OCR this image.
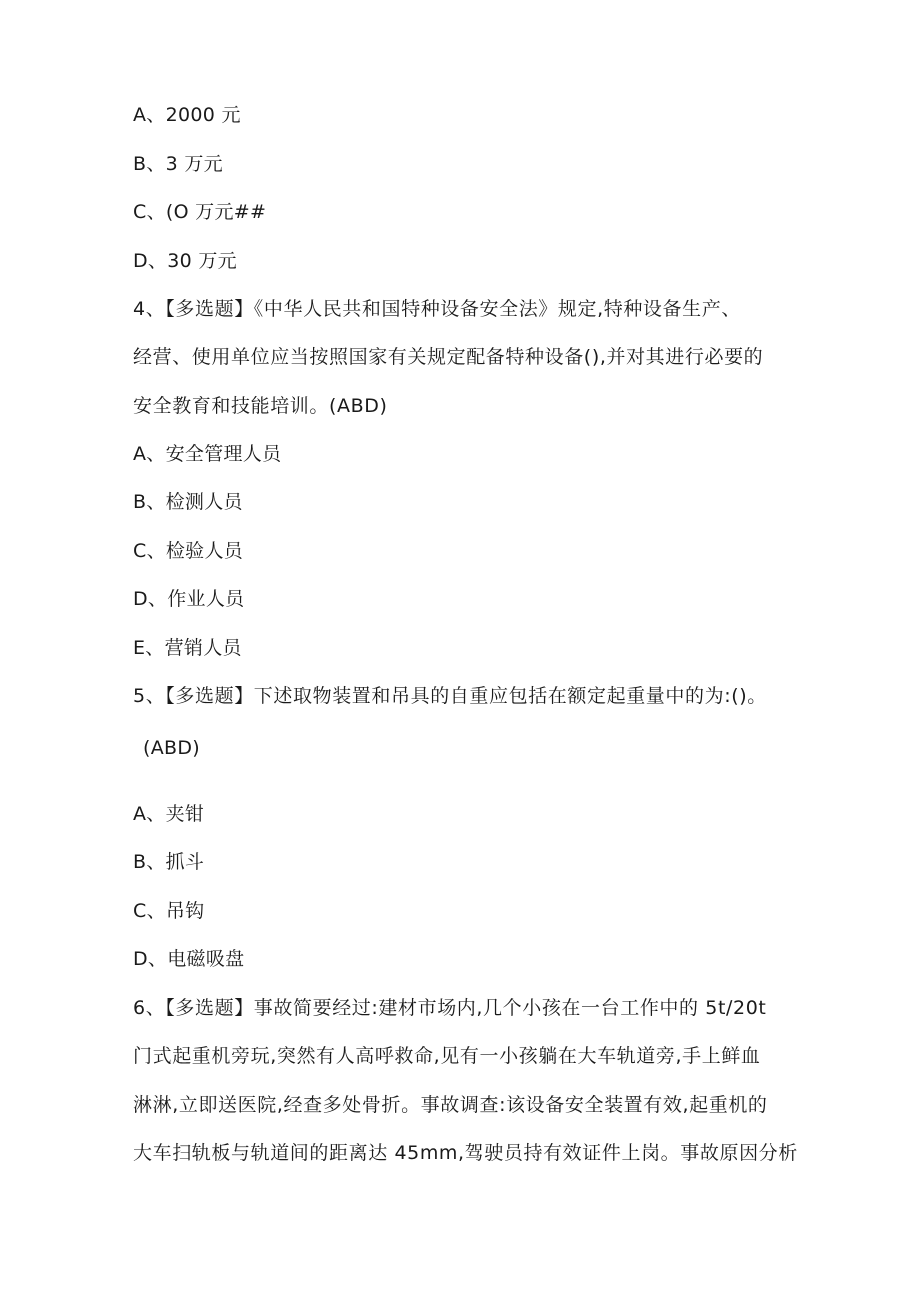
A、2000 元
B、3 万元
C、(O 万元##
D、30 万元
4、【多选题】《中华人民共和国特种设备安全法》规定,特种设备生产、
经营、使用单位应当按照国家有关规定配备特种设备(),并对其进行必要的
安全教育和技能培训。(ABD)
A、安全管理人员
B、检测人员
C、检验人员
D、作业人员
E、营销人员
5、【多选题】下述取物装置和吊具的自重应包括在额定起重量中的为:()。
(ABD)
A、夹钳
B、抓斗
C、吊钩
D、电磁吸盘
6、【多选题】事故简要经过:建材市场内,几个小孩在一台工作中的 5t∕20t
门式起重机旁玩,突然有人高呼救命,见有一小孩躺在大车轨道旁,手上鲜血
淋淋,立即送医院,经查多处骨折。事故调查:该设备安全装置有效,起重机的
大车扫轨板与轨道间的距离达 45mm,驾驶员持有效证件上岗。事故原因分析
